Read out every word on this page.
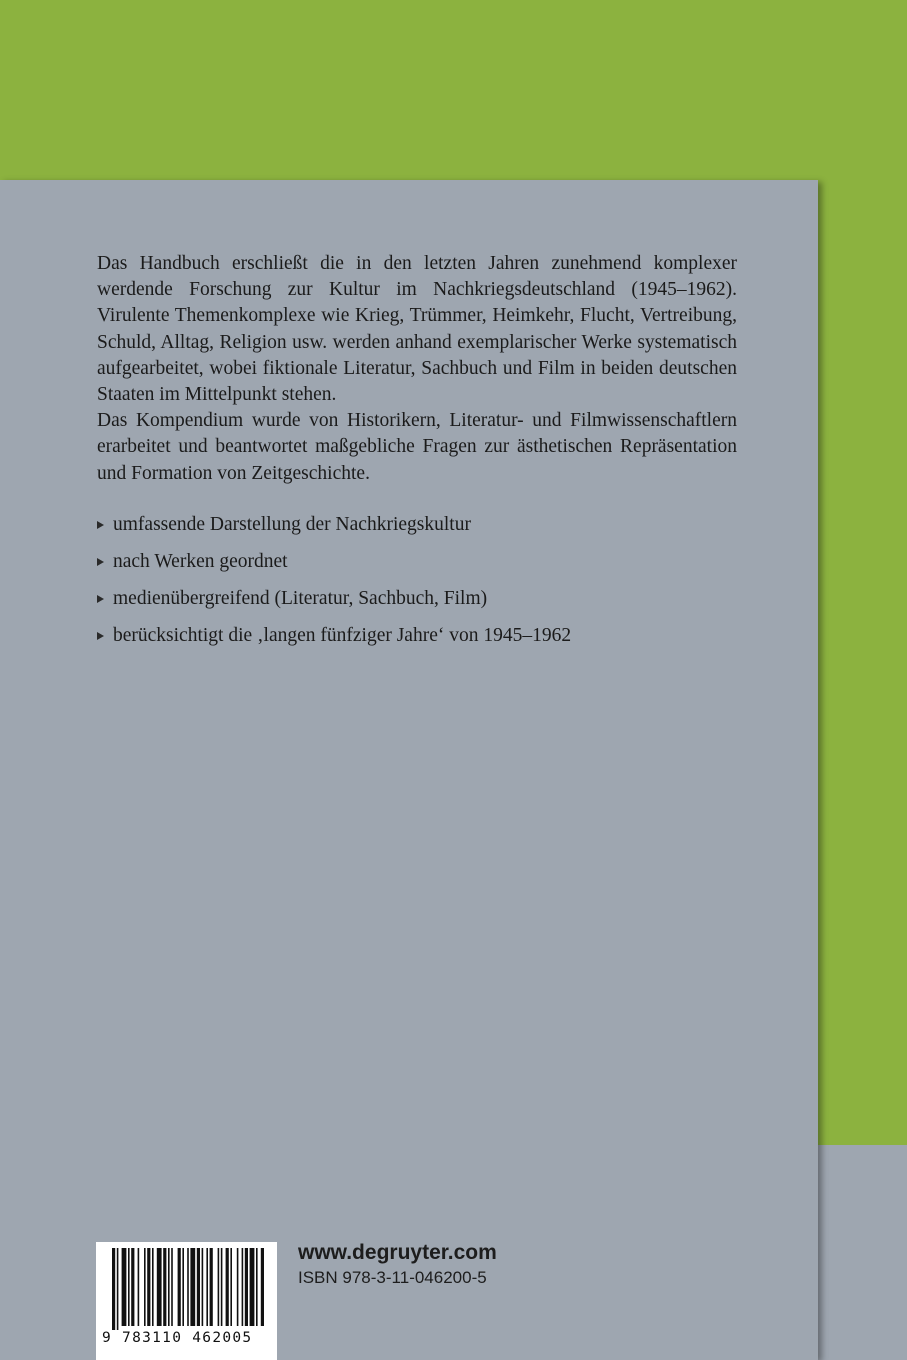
Das Handbuch erschließt die in den letzten Jahren zunehmend komplexer werdende Forschung zur Kultur im Nachkriegsdeutschland (1945–1962). Virulente Themenkomplexe wie Krieg, Trümmer, Heimkehr, Flucht, Vertreibung, Schuld, Alltag, Religion usw. werden anhand exemplarischer Werke systematisch aufgearbeitet, wobei fiktionale Literatur, Sachbuch und Film in beiden deutschen Staaten im Mittelpunkt stehen.

Das Kompendium wurde von Historikern, Literatur- und Filmwissenschaftlern erarbeitet und beantwortet maßgebliche Fragen zur ästhetischen Repräsentation und Formation von Zeitgeschichte.

umfassende Darstellung der Nachkriegskultur
nach Werken geordnet
medienübergreifend (Literatur, Sachbuch, Film)
berücksichtigt die ‚langen fünfziger Jahre‘ von 1945–1962
9 783110 462005
www.degruyter.com
ISBN 978-3-11-046200-5
